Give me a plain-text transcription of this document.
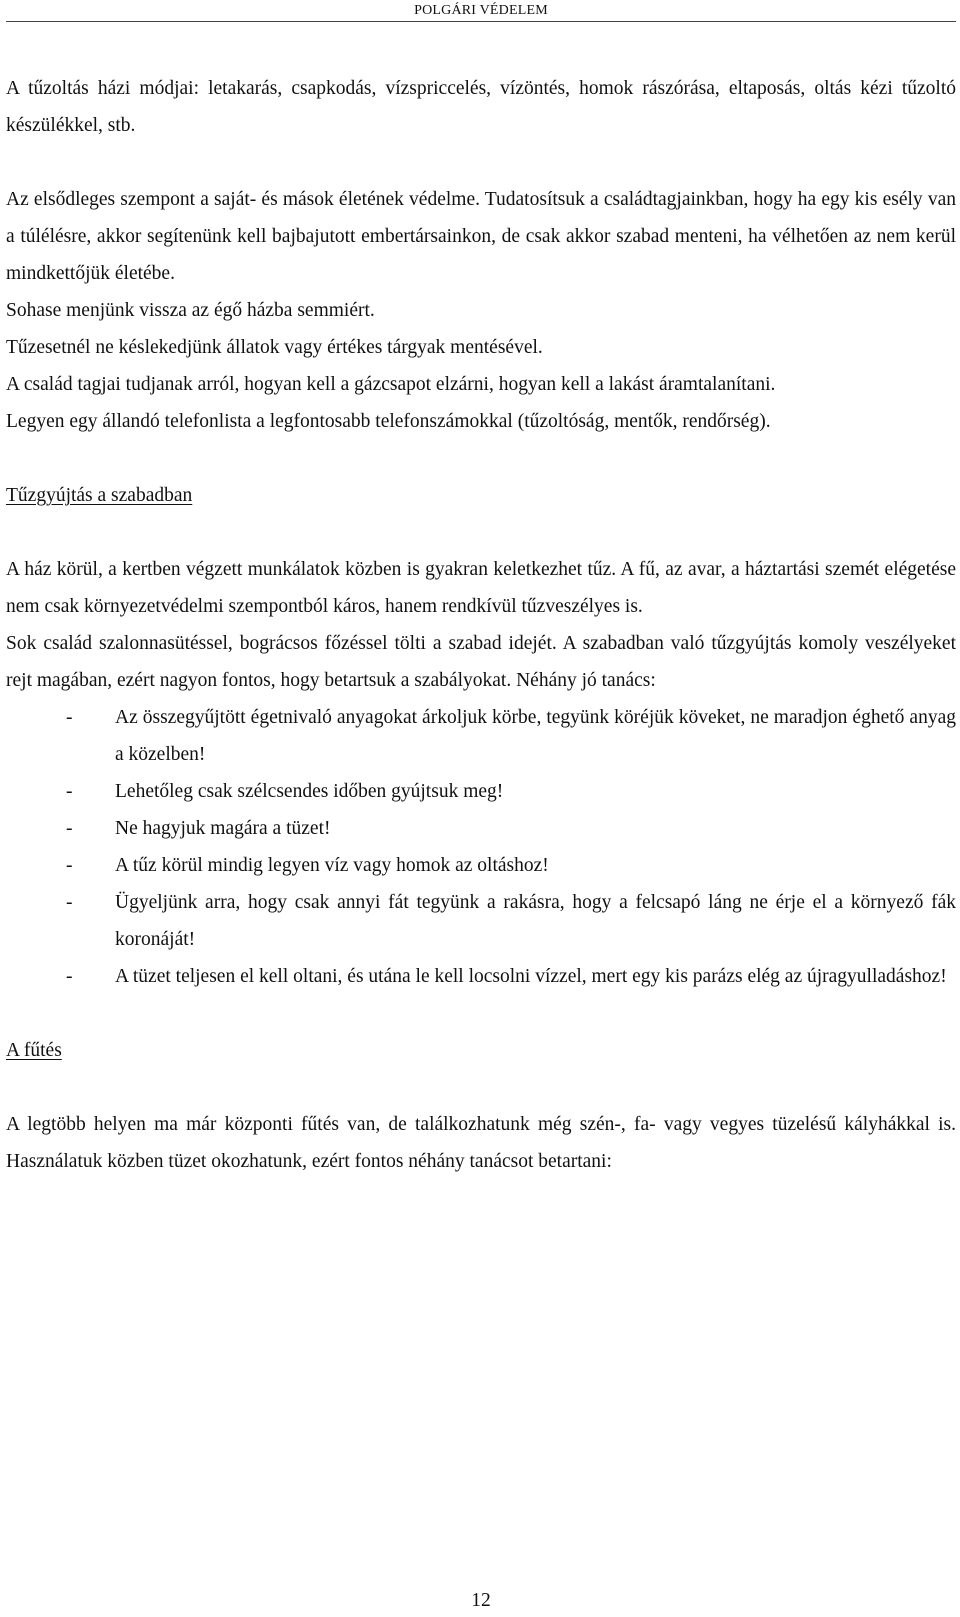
POLGÁRI VÉDELEM

A tűzoltás házi módjai: letakarás, csapkodás, vízspriccelés, vízöntés, homok rászórása, eltaposás, oltás kézi tűzoltó készülékkel, stb.

Az elsődleges szempont a saját- és mások életének védelme. Tudatosítsuk a családtagjainkban, hogy ha egy kis esély van a túlélésre, akkor segítenünk kell bajbajutott embertársainkon, de csak akkor szabad menteni, ha vélhetően az nem kerül mindkettőjük életébe.

Sohase menjünk vissza az égő házba semmiért.

Tűzesetnél ne késlekedjünk állatok vagy értékes tárgyak mentésével.

A család tagjai tudjanak arról, hogyan kell a gázcsapot elzárni, hogyan kell a lakást áramtalanítani.

Legyen egy állandó telefonlista a legfontosabb telefonszámokkal (tűzoltóság, mentők, rendőrség).

Tűzgyújtás a szabadban

A ház körül, a kertben végzett munkálatok közben is gyakran keletkezhet tűz. A fű, az avar, a háztartási szemét elégetése nem csak környezetvédelmi szempontból káros, hanem rendkívül tűzveszélyes is.

Sok család szalonnasütéssel, bográcsos főzéssel tölti a szabad idejét. A szabadban való tűzgyújtás komoly veszélyeket rejt magában, ezért nagyon fontos, hogy betartsuk a szabályokat. Néhány jó tanács:

- Az összegyűjtött égetnivaló anyagokat árkoljuk körbe, tegyünk köréjük köveket, ne maradjon éghető anyag a közelben!
- Lehetőleg csak szélcsendes időben gyújtsuk meg!
- Ne hagyjuk magára a tüzet!
- A tűz körül mindig legyen víz vagy homok az oltáshoz!
- Ügyeljünk arra, hogy csak annyi fát tegyünk a rakásra, hogy a felcsapó láng ne érje el a környező fák koronáját!
- A tüzet teljesen el kell oltani, és utána le kell locsolni vízzel, mert egy kis parázs elég az újragyulladáshoz!

A fűtés

A legtöbb helyen ma már központi fűtés van, de találkozhatunk még szén-, fa- vagy vegyes tüzelésű kályhákkal is. Használatuk közben tüzet okozhatunk, ezért fontos néhány tanácsot betartani:

12
